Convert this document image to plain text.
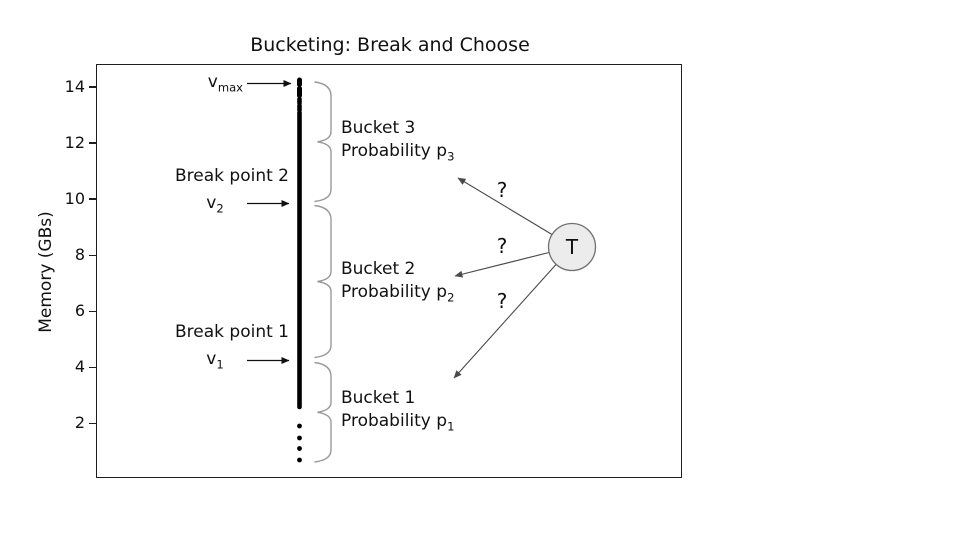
Bucketing: Break and Choose
Memory (GBs)
14
12
10
8
6
4
2
$v_{max}$
Break point 2
$v_2$
Break point 1
$v_1$
Bucket 3
Probability $p_3$
Bucket 2
Probability $p_2$
Bucket 1
Probability $p_1$
?
?
?
T
